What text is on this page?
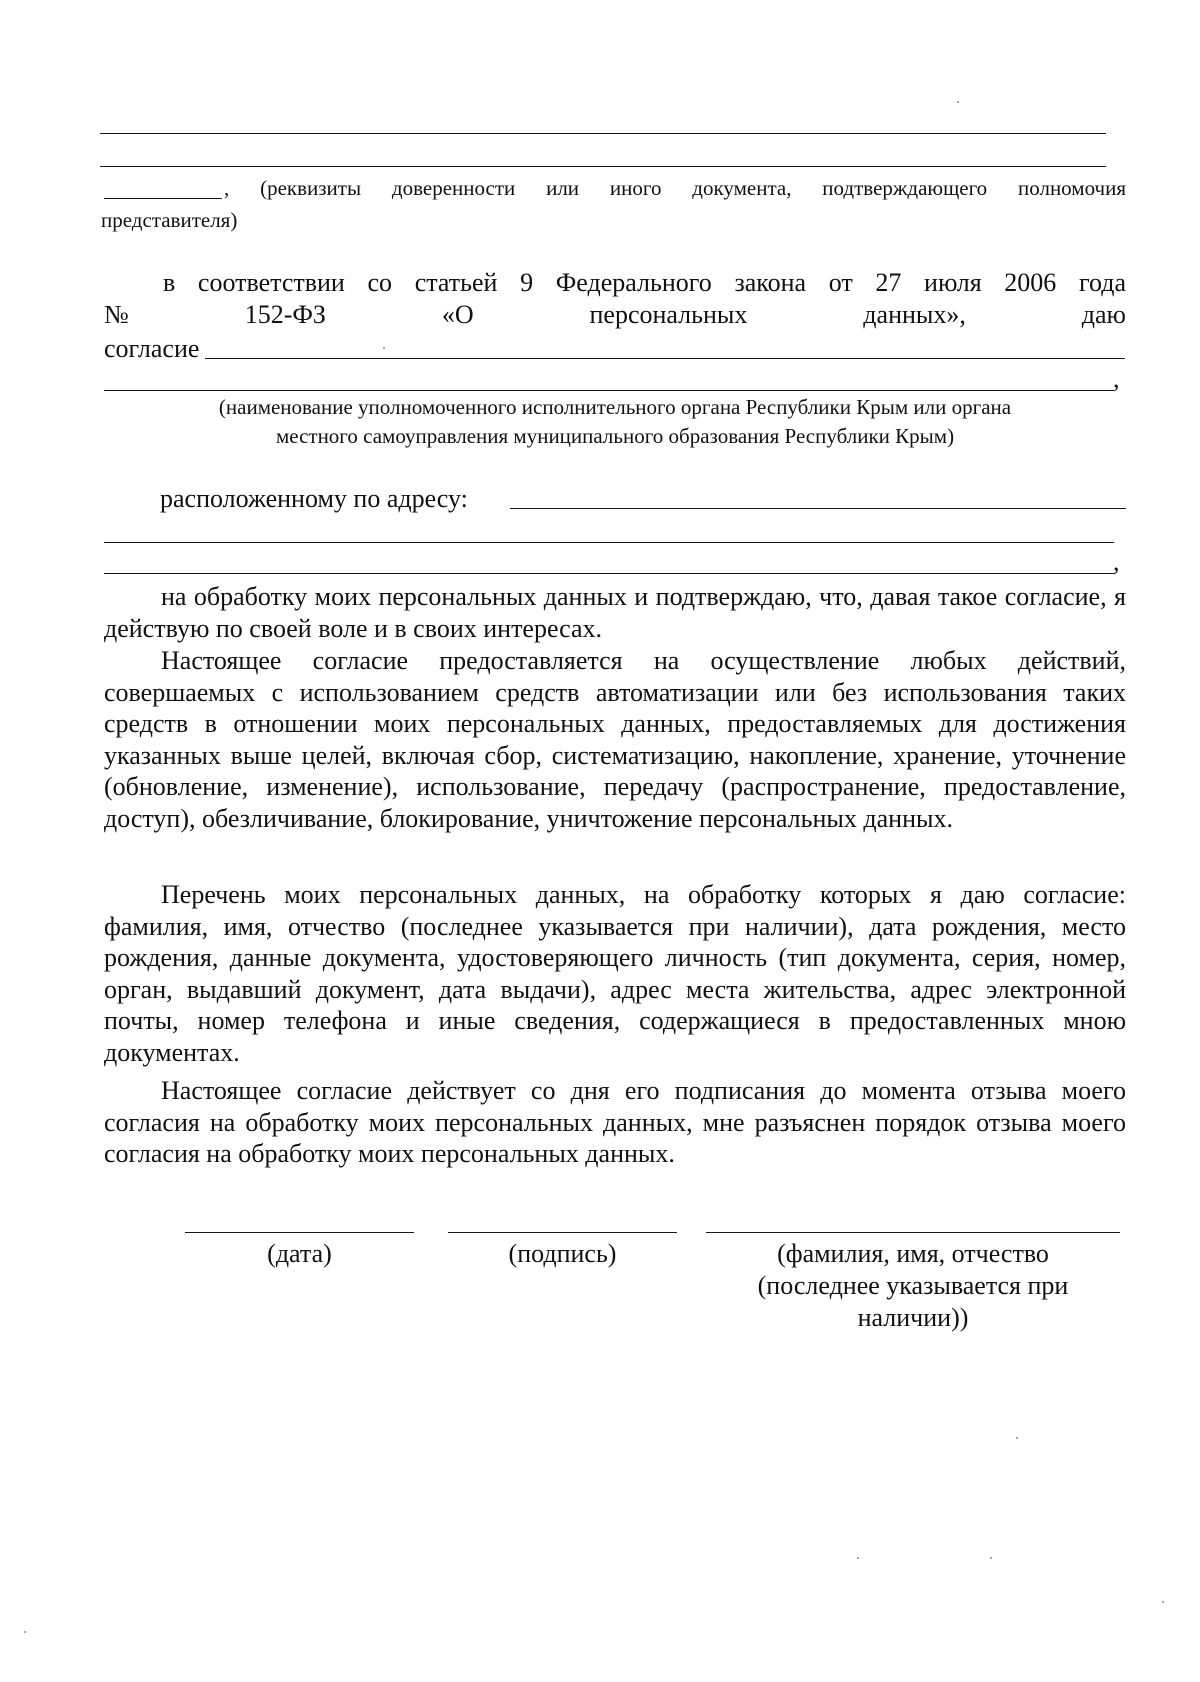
, (реквизиты доверенности или иного документа, подтверждающего полномочия
представителя)
в соответствии со статьей 9 Федерального закона от 27 июля 2006 года
№	152-ФЗ	«О	персональных	данных»,	даю
согласие
,
(наименование уполномоченного исполнительного органа Республики Крым или органа
местного самоуправления муниципального образования Республики Крым)
расположенному по адресу:
,

на обработку моих персональных данных и подтверждаю, что, давая такое согласие, я действую по своей воле и в своих интересах.

Настоящее согласие предоставляется на осуществление любых действий, совершаемых с использованием средств автоматизации или без использования таких средств в отношении моих персональных данных, предоставляемых для достижения указанных выше целей, включая сбор, систематизацию, накопление, хранение, уточнение (обновление, изменение), использование, передачу (распространение, предоставление, доступ), обезличивание, блокирование, уничтожение персональных данных.

Перечень моих персональных данных, на обработку которых я даю согласие: фамилия, имя, отчество (последнее указывается при наличии), дата рождения, место рождения, данные документа, удостоверяющего личность (тип документа, серия, номер, орган, выдавший документ, дата выдачи), адрес места жительства, адрес электронной почты, номер телефона и иные сведения, содержащиеся в предоставленных мною документах.

Настоящее согласие действует со дня его подписания до момента отзыва моего согласия на обработку моих персональных данных, мне разъяснен порядок отзыва моего согласия на обработку моих персональных данных.

(дата)	(подпись)	(фамилия, имя, отчество
(последнее указывается при
наличии))
